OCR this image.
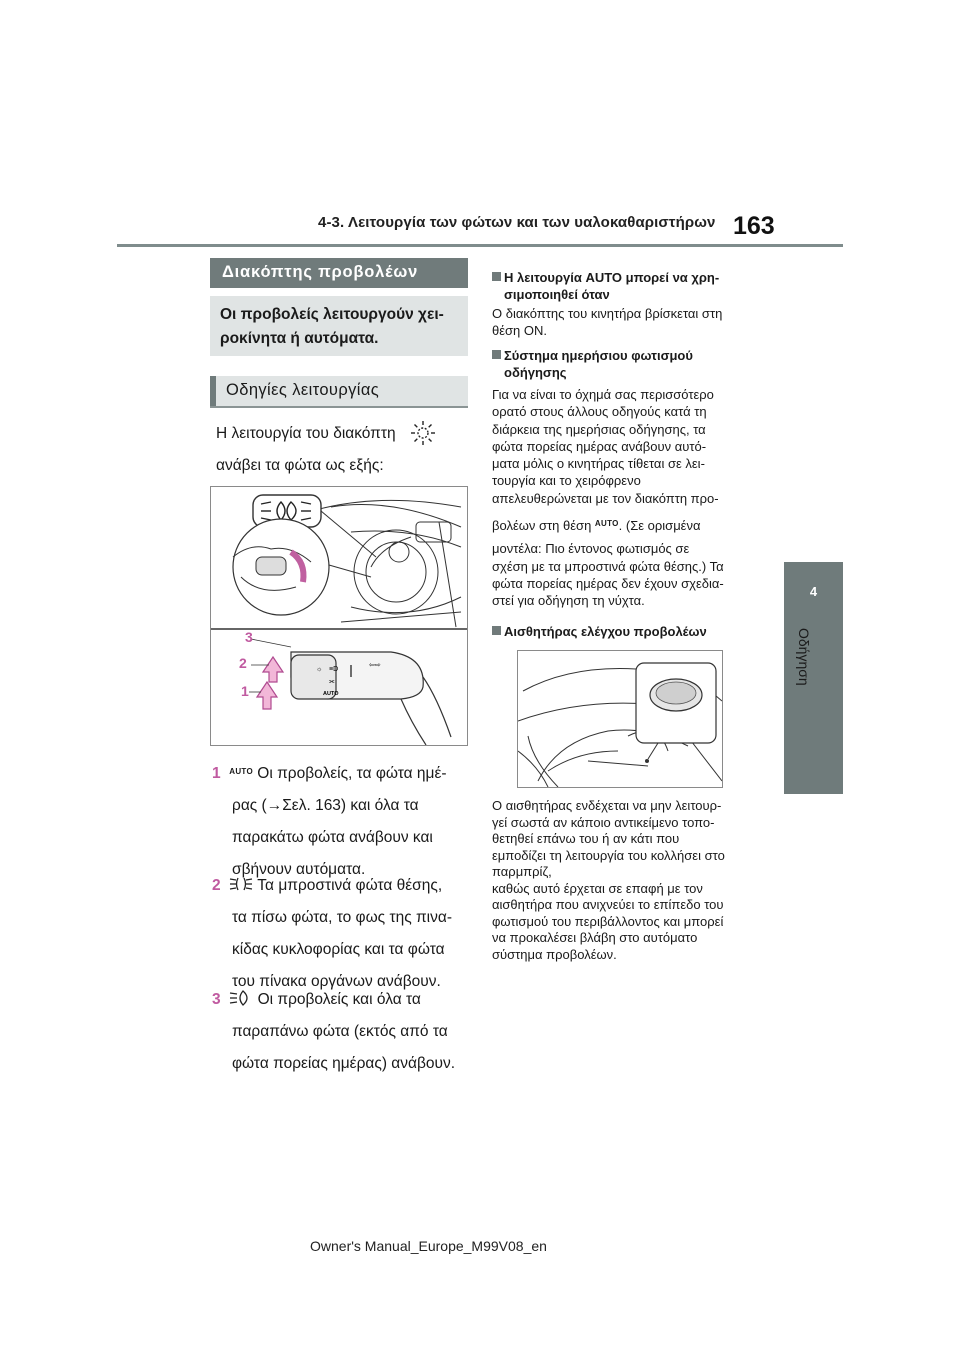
4-3. Λειτουργία των φώτων και των υαλοκαθαριστήρων 163
4
Οδήγηση
Διακόπτης προβολέων
Οι προβολείς λειτουργούν χει-
ροκίνητα ή αυτόματα.
Οδηγίες λειτουργίας
Η λειτουργία του διακόπτη
ανάβει τα φώτα ως εξής:
☼ ≡D
⫘
AUTO
⇦⇨
3
2
1
1 $^{AUTO}$ Οι προβολείς, τα φώτα ημέ-
ρας (→Σελ. 163) και όλα τα
παρακάτω φώτα ανάβουν και
σβήνουν αυτόματα.
2 Τα μπροστινά φώτα θέσης,
τα πίσω φώτα, το φως της πινα-
κίδας κυκλοφορίας και τα φώτα
του πίνακα οργάνων ανάβουν.
3 Οι προβολείς και όλα τα
παραπάνω φώτα (εκτός από τα
φώτα πορείας ημέρας) ανάβουν.
Η λειτουργία AUTO μπορεί να χρη-
σιμοποιηθεί όταν
Ο διακόπτης του κινητήρα βρίσκεται στη
θέση ON.
Σύστημα ημερήσιου φωτισμού
οδήγησης
Για να είναι το όχημά σας περισσότερο
ορατό στους άλλους οδηγούς κατά τη
διάρκεια της ημερήσιας οδήγησης, τα
φώτα πορείας ημέρας ανάβουν αυτό-
ματα μόλις ο κινητήρας τίθεται σε λει-
τουργία και το χειρόφρενο
απελευθερώνεται με τον διακόπτη προ-
βολέων στη θέση $^{AUTO}$. (Σε ορισμένα
μοντέλα: Πιο έντονος φωτισμός σε
σχέση με τα μπροστινά φώτα θέσης.) Τα
φώτα πορείας ημέρας δεν έχουν σχεδια-
στεί για οδήγηση τη νύχτα.
Αισθητήρας ελέγχου προβολέων
Ο αισθητήρας ενδέχεται να μην λειτουρ-
γεί σωστά αν κάποιο αντικείμενο τοπο-
θετηθεί επάνω του ή αν κάτι που
εμποδίζει τη λειτουργία του κολλήσει στο
παρμπρίζ,
καθώς αυτό έρχεται σε επαφή με τον
αισθητήρα που ανιχνεύει το επίπεδο του
φωτισμού του περιβάλλοντος και μπορεί
να προκαλέσει βλάβη στο αυτόματο
σύστημα προβολέων.
Owner's Manual_Europe_M99V08_en
